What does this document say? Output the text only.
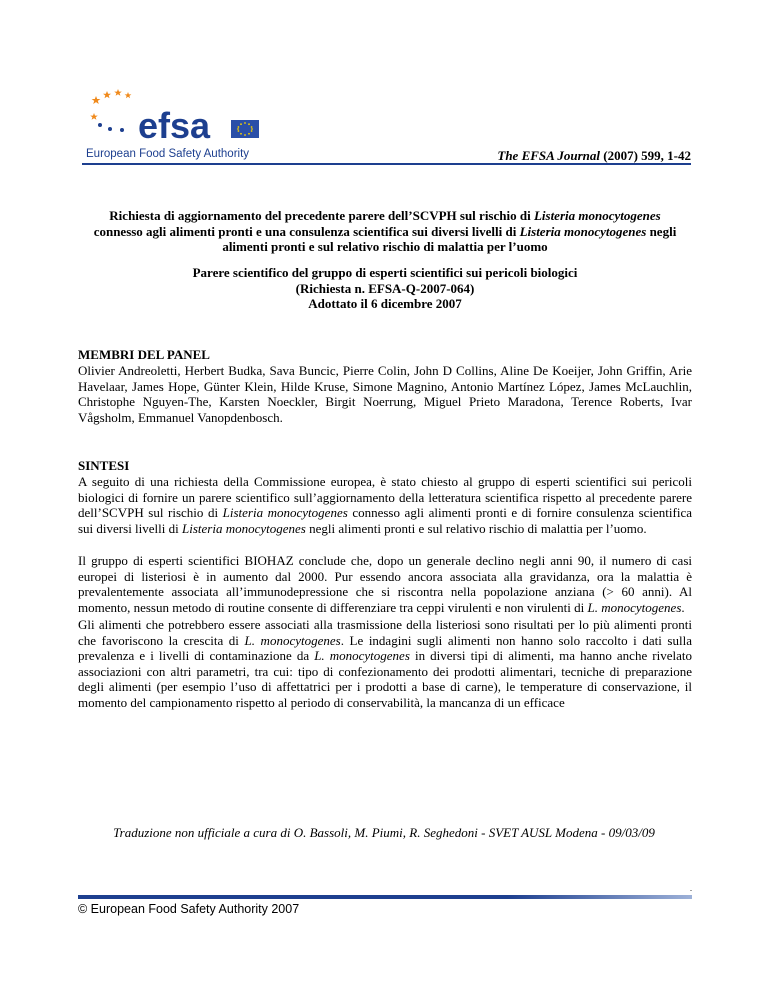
efsa
European Food Safety Authority	The EFSA Journal (2007) 599, 1-42

Richiesta di aggiornamento del precedente parere dell’SCVPH sul rischio di Listeria monocytogenes

connesso agli alimenti pronti e una consulenza scientifica sui diversi livelli di Listeria monocytogenes negli

alimenti pronti e sul relativo rischio di malattia per l’uomo

Parere scientifico del gruppo di esperti scientifici sui pericoli biologici

(Richiesta n. EFSA-Q-2007-064)

Adottato il 6 dicembre 2007

MEMBRI DEL PANEL
Olivier Andreoletti, Herbert Budka, Sava Buncic, Pierre Colin, John D Collins, Aline De Koeijer, John Griffin, Arie Havelaar, James Hope, Günter Klein, Hilde Kruse, Simone Magnino, Antonio Martínez López, James McLauchlin, Christophe Nguyen-The, Karsten Noeckler, Birgit Noerrung, Miguel Prieto Maradona, Terence Roberts, Ivar Vågsholm, Emmanuel Vanopdenbosch.
SINTESI
A seguito di una richiesta della Commissione europea, è stato chiesto al gruppo di esperti scientifici sui pericoli biologici di fornire un parere scientifico sull’aggiornamento della letteratura scientifica rispetto al precedente parere dell’SCVPH sul rischio di Listeria monocytogenes connesso agli alimenti pronti e di fornire consulenza scientifica sui diversi livelli di Listeria monocytogenes negli alimenti pronti e sul relativo rischio di malattia per l’uomo.
Il gruppo di esperti scientifici BIOHAZ conclude che, dopo un generale declino negli anni 90, il numero di casi europei di listeriosi è in aumento dal 2000. Pur essendo ancora associata alla gravidanza, ora la malattia è prevalentemente associata all’immunodepressione che si riscontra nella popolazione anziana (> 60 anni). Al momento, nessun metodo di routine consente di differenziare tra ceppi virulenti e non virulenti di L. monocytogenes.
Gli alimenti che potrebbero essere associati alla trasmissione della listeriosi sono risultati per lo più alimenti pronti che favoriscono la crescita di L. monocytogenes. Le indagini sugli alimenti non hanno solo raccolto i dati sulla prevalenza e i livelli di contaminazione da L. monocytogenes in diversi tipi di alimenti, ma hanno anche rivelato associazioni con altri parametri, tra cui: tipo di confezionamento dei prodotti alimentari, tecniche di preparazione degli alimenti (per esempio l’uso di affettatrici per i prodotti a base di carne), le temperature di conservazione, il momento del campionamento rispetto al periodo di conservabilità, la mancanza di un efficace
Traduzione non ufficiale a cura di O. Bassoli, M. Piumi, R. Seghedoni - SVET AUSL Modena - 09/03/09
.
© European Food Safety Authority 2007
